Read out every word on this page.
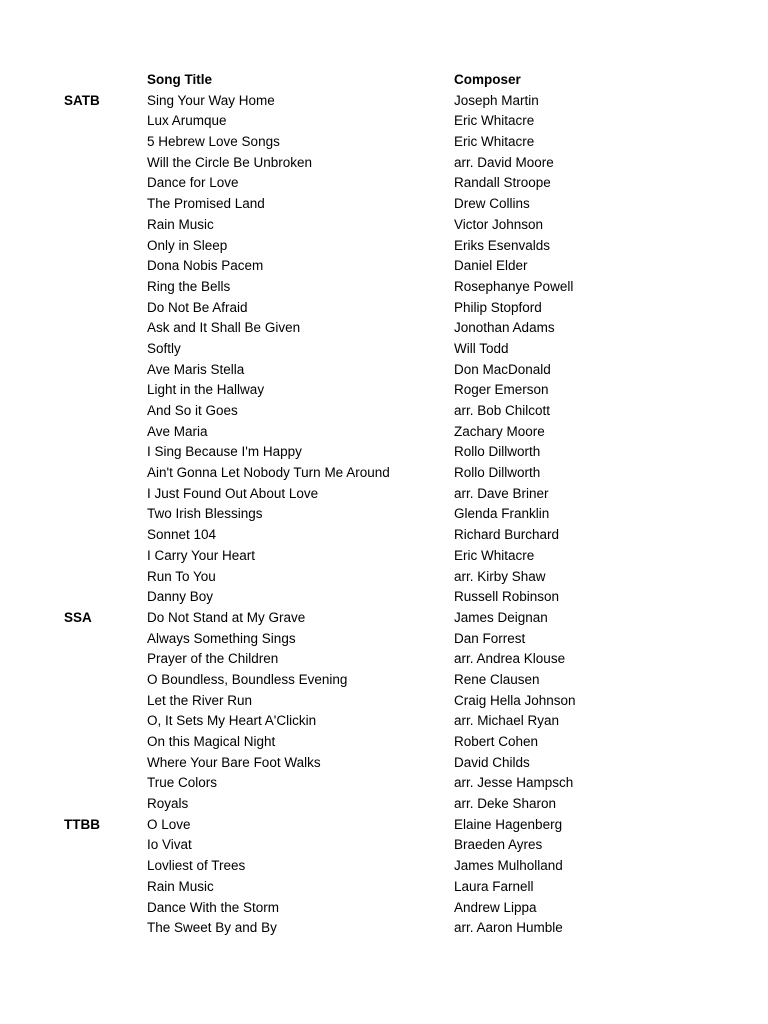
Song Title	Composer
SATB	Sing Your Way Home	Joseph Martin
Lux Arumque	Eric Whitacre
5 Hebrew Love Songs	Eric Whitacre
Will the Circle Be Unbroken	arr. David Moore
Dance for Love	Randall Stroope
The Promised Land	Drew Collins
Rain Music	Victor Johnson
Only in Sleep	Eriks Esenvalds
Dona Nobis Pacem	Daniel Elder
Ring the Bells	Rosephanye Powell
Do Not Be Afraid	Philip Stopford
Ask and It Shall Be Given	Jonothan Adams
Softly	Will Todd
Ave Maris Stella	Don MacDonald
Light in the Hallway	Roger Emerson
And So it Goes	arr. Bob Chilcott
Ave Maria	Zachary Moore
I Sing Because I'm Happy	Rollo Dillworth
Ain't Gonna Let Nobody Turn Me Around	Rollo Dillworth
I Just Found Out About Love	arr. Dave Briner
Two Irish Blessings	Glenda Franklin
Sonnet 104	Richard Burchard
I Carry Your Heart	Eric Whitacre
Run To You	arr. Kirby Shaw
Danny Boy	Russell Robinson
SSA	Do Not Stand at My Grave	James Deignan
Always Something Sings	Dan Forrest
Prayer of the Children	arr. Andrea Klouse
O Boundless, Boundless Evening	Rene Clausen
Let the River Run	Craig Hella Johnson
O, It Sets My Heart A'Clickin	arr. Michael Ryan
On this Magical Night	Robert Cohen
Where Your Bare Foot Walks	David Childs
True Colors	arr. Jesse Hampsch
Royals	arr. Deke Sharon
TTBB	O Love	Elaine Hagenberg
Io Vivat	Braeden Ayres
Lovliest of Trees	James Mulholland
Rain Music	Laura Farnell
Dance With the Storm	Andrew Lippa
The Sweet By and By	arr. Aaron Humble
